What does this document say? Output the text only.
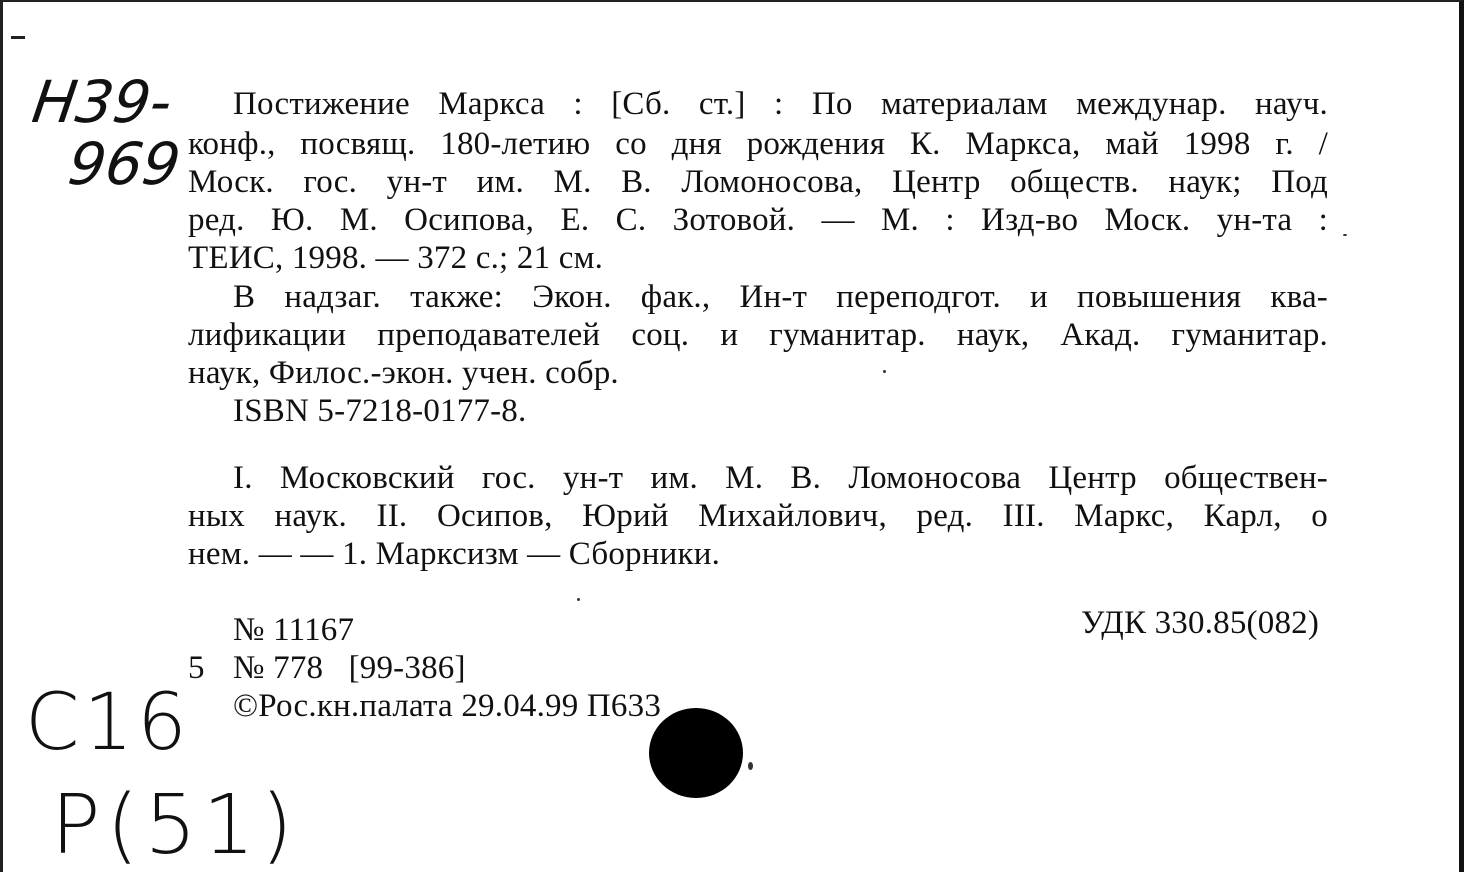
Н39-
969
Постижение Маркса : [Сб. ст.] : По материалам междунар. науч.
конф., посвящ. 180-летию со дня рождения К. Маркса, май 1998 г. /
Моск. гос. ун-т им. М. В. Ломоносова, Центр обществ. наук; Под
ред. Ю. М. Осипова, Е. С. Зотовой. — М. : Изд-во Моск. ун-та :
ТЕИС, 1998. — 372 с.; 21 см.
В надзаг. также: Экон. фак., Ин-т переподгот. и повышения ква-
лификации преподавателей соц. и гуманитар. наук, Акад. гуманитар.
наук, Филос.-экон. учен. собр.
ISBN 5-7218-0177-8.
I. Московский гос. ун-т им. М. В. Ломоносова Центр обществен-
ных наук. II. Осипов, Юрий Михайлович, ред. III. Маркс, Карл, о
нем. — — 1. Марксизм — Сборники.
№ 11167	УДК 330.85(082)
5 № 778   [99-386]
©Рос.кн.палата 29.04.99 П633
С16
Р(51)
